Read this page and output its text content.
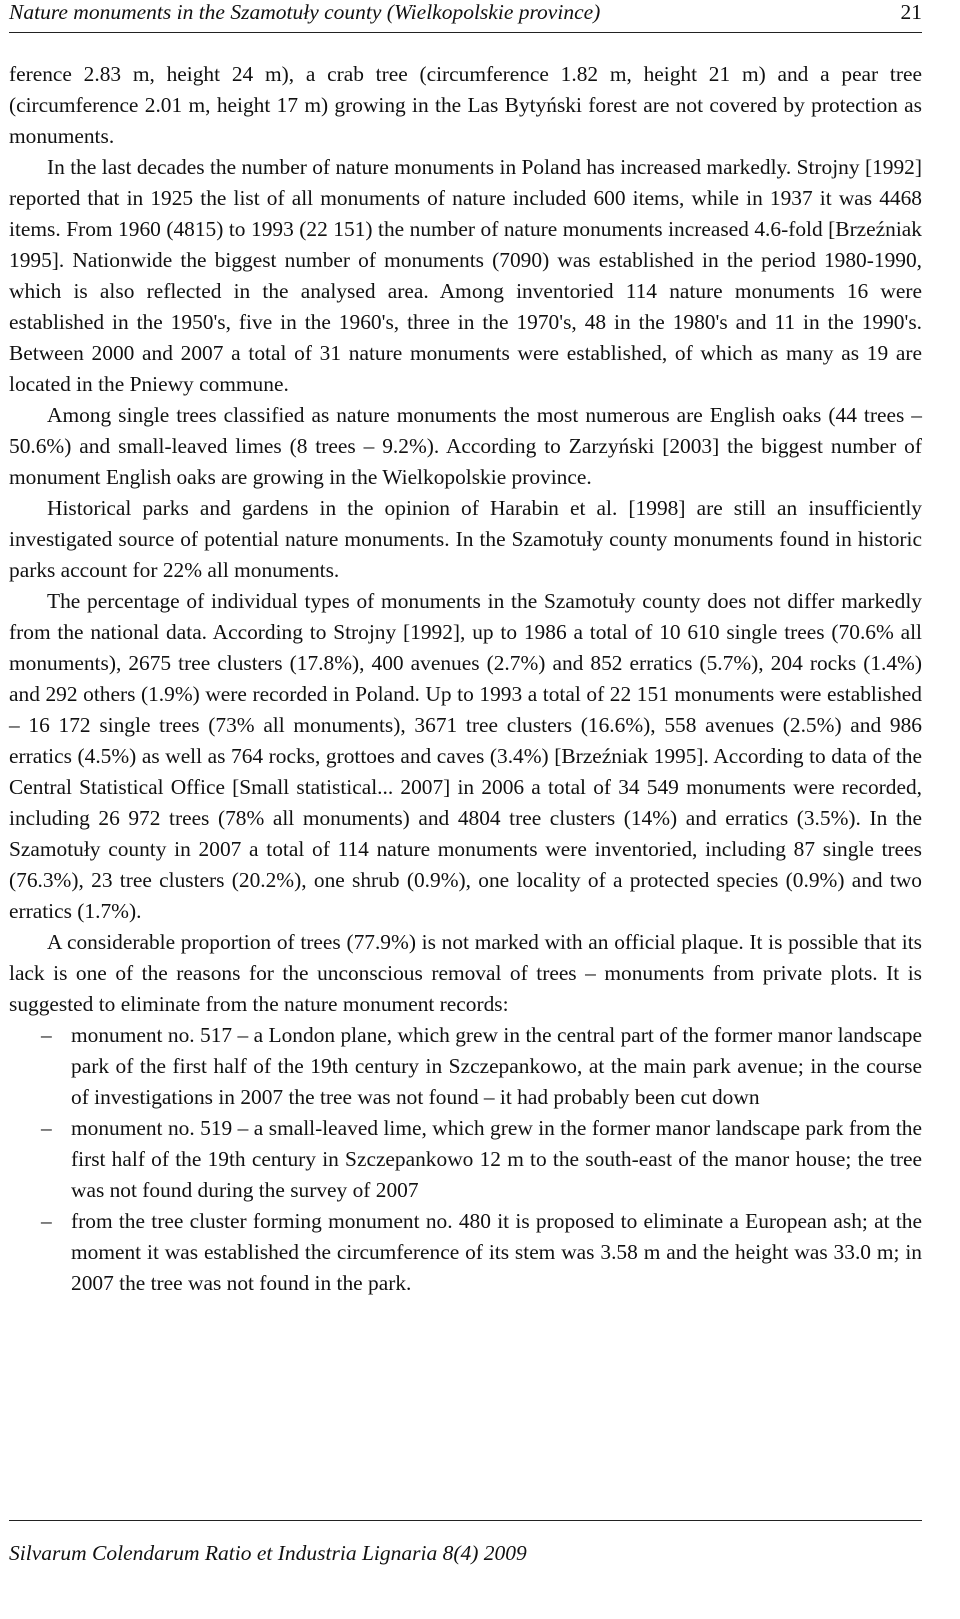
Nature monuments in the Szamotuły county (Wielkopolskie province)	21

ference 2.83 m, height 24 m), a crab tree (circumference 1.82 m, height 21 m) and a pear tree (circumference 2.01 m, height 17 m) growing in the Las Bytyński forest are not covered by protection as monuments.

In the last decades the number of nature monuments in Poland has increased markedly. Strojny [1992] reported that in 1925 the list of all monuments of nature included 600 items, while in 1937 it was 4468 items. From 1960 (4815) to 1993 (22 151) the number of nature monuments increased 4.6-fold [Brzeźniak 1995]. Nationwide the biggest number of monuments (7090) was established in the period 1980-1990, which is also reflected in the analysed area. Among inventoried 114 nature monuments 16 were established in the 1950's, five in the 1960's, three in the 1970's, 48 in the 1980's and 11 in the 1990's. Between 2000 and 2007 a total of 31 nature monuments were established, of which as many as 19 are located in the Pniewy commune.

Among single trees classified as nature monuments the most numerous are English oaks (44 trees – 50.6%) and small-leaved limes (8 trees – 9.2%). According to Zarzyński [2003] the biggest number of monument English oaks are growing in the Wielkopolskie province.

Historical parks and gardens in the opinion of Harabin et al. [1998] are still an insufficiently investigated source of potential nature monuments. In the Szamotuły county monuments found in historic parks account for 22% all monuments.

The percentage of individual types of monuments in the Szamotuły county does not differ markedly from the national data. According to Strojny [1992], up to 1986 a total of 10 610 single trees (70.6% all monuments), 2675 tree clusters (17.8%), 400 avenues (2.7%) and 852 erratics (5.7%), 204 rocks (1.4%) and 292 others (1.9%) were recorded in Poland. Up to 1993 a total of 22 151 monuments were established – 16 172 single trees (73% all monuments), 3671 tree clusters (16.6%), 558 avenues (2.5%) and 986 erratics (4.5%) as well as 764 rocks, grottoes and caves (3.4%) [Brzeźniak 1995]. According to data of the Central Statistical Office [Small statistical... 2007] in 2006 a total of 34 549 monuments were recorded, including 26 972 trees (78% all monuments) and 4804 tree clusters (14%) and erratics (3.5%). In the Szamotuły county in 2007 a total of 114 nature monuments were inventoried, including 87 single trees (76.3%), 23 tree clusters (20.2%), one shrub (0.9%), one locality of a protected species (0.9%) and two erratics (1.7%).

A considerable proportion of trees (77.9%) is not marked with an official plaque. It is possible that its lack is one of the reasons for the unconscious removal of trees – monuments from private plots. It is suggested to eliminate from the nature monument records:

– monument no. 517 – a London plane, which grew in the central part of the former manor landscape park of the first half of the 19th century in Szczepankowo, at the main park avenue; in the course of investigations in 2007 the tree was not found – it had probably been cut down
– monument no. 519 – a small-leaved lime, which grew in the former manor landscape park from the first half of the 19th century in Szczepankowo 12 m to the south-east of the manor house; the tree was not found during the survey of 2007
– from the tree cluster forming monument no. 480 it is proposed to eliminate a European ash; at the moment it was established the circumference of its stem was 3.58 m and the height was 33.0 m; in 2007 the tree was not found in the park.
Silvarum Colendarum Ratio et Industria Lignaria 8(4) 2009
